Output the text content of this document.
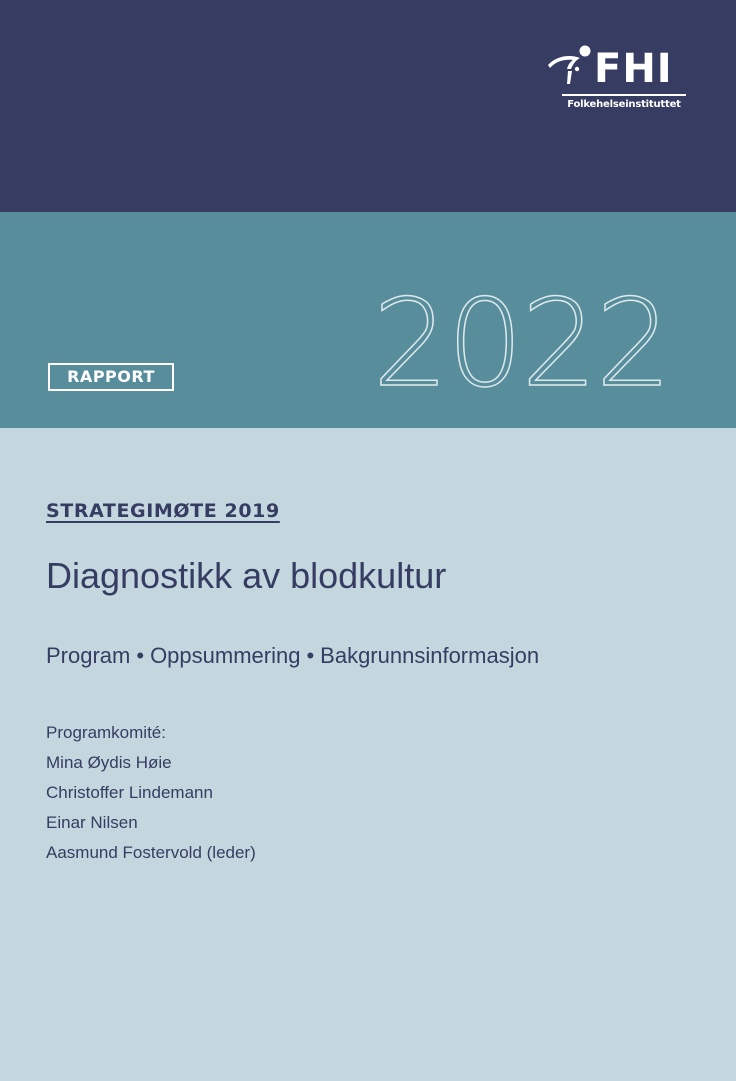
FHI
Folkehelseinstituttet
2022
RAPPORT
STRATEGIMØTE 2019
Diagnostikk av blodkultur
Program • Oppsummering • Bakgrunnsinformasjon
Programkomité:
Mina Øydis Høie
Christoffer Lindemann
Einar Nilsen
Aasmund Fostervold (leder)
